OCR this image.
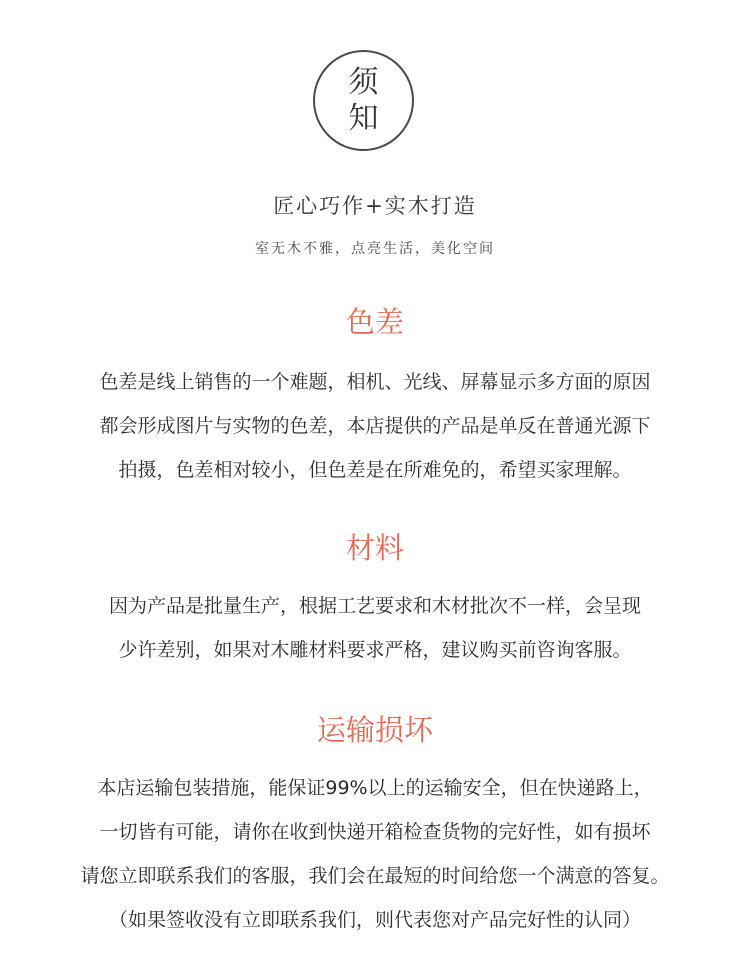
须
知
匠心巧作+实木打造
室无木不雅，点亮生活，美化空间
色差
色差是线上销售的一个难题，相机、光线、屏幕显示多方面的原因
都会形成图片与实物的色差，本店提供的产品是单反在普通光源下
拍摄，色差相对较小，但色差是在所难免的，希望买家理解。
材料
因为产品是批量生产，根据工艺要求和木材批次不一样，会呈现
少许差别，如果对木雕材料要求严格，建议购买前咨询客服。
运输损坏
本店运输包装措施，能保证99%以上的运输安全，但在快递路上，
一切皆有可能，请你在收到快递开箱检查货物的完好性，如有损坏
请您立即联系我们的客服，我们会在最短的时间给您一个满意的答复。
（如果签收没有立即联系我们，则代表您对产品完好性的认同）
